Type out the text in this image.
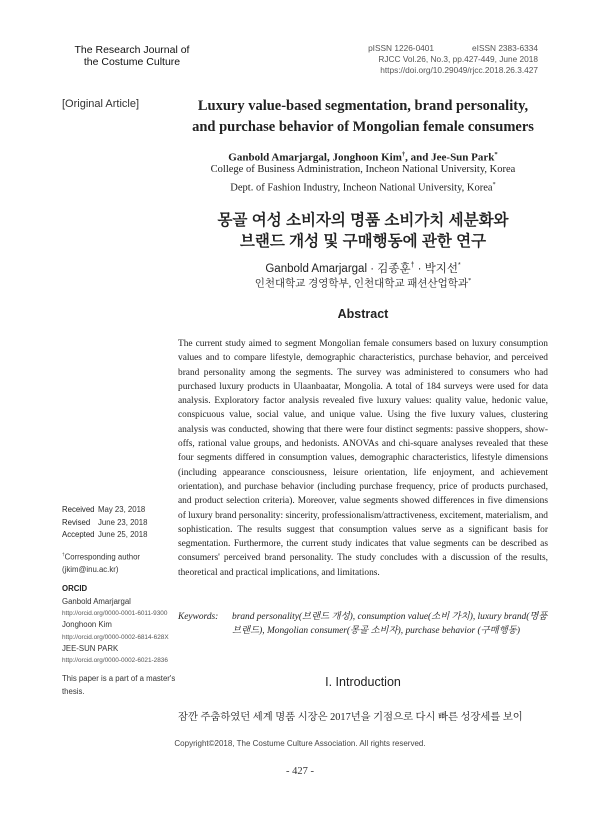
The Research Journal of
the Costume Culture
pISSN 1226-0401	eISSN 2383-6334
RJCC Vol.26, No.3, pp.427-449, June 2018
https://doi.org/10.29049/rjcc.2018.26.3.427
[Original Article]	Luxury value-based segmentation, brand personality,
and purchase behavior of Mongolian female consumers
Ganbold Amarjargal, Jonghoon Kim†, and Jee-Sun Park*
College of Business Administration, Incheon National University, Korea
Dept. of Fashion Industry, Incheon National University, Korea*
몽골 여성 소비자의 명품 소비가치 세분화와
브랜드 개성 및 구매행동에 관한 연구
Ganbold Amarjargal · 김종훈† · 박지선*
인천대학교 경영학부, 인천대학교 패션산업학과*
Abstract
The current study aimed to segment Mongolian female consumers based on luxury consumption values and to compare lifestyle, demographic characteristics, purchase behavior, and perceived brand personality among the segments. The survey was administered to consumers who had purchased luxury products in Ulaanbaatar, Mongolia. A total of 184 surveys were used for data analysis. Exploratory factor analysis revealed five luxury values: quality value, hedonic value, conspicuous value, social value, and unique value. Using the five luxury values, clustering analysis was conducted, showing that there were four distinct segments: passive shoppers, show-offs, rational value groups, and hedonists. ANOVAs and chi-square analyses revealed that these four segments differed in consumption values, demographic characteristics, lifestyle dimensions (including appearance consciousness, leisure orientation, life enjoyment, and achievement orientation), and purchase behavior (including purchase frequency, price of products purchased, and product selection criteria). Moreover, value segments showed differences in five dimensions of luxury brand personality: sincerity, professionalism/attractiveness, excitement, materialism, and sophistication. The results suggest that consumption values serve as a significant basis for segmentation. Furthermore, the current study indicates that value segments can be described as consumers' perceived brand personality. The study concludes with a discussion of the results, theoretical and practical implications, and limitations.
Keywords:	brand personality(브랜드 개성), consumption value(소비 가치), luxury brand(명품 브랜드), Mongolian consumer(몽골 소비자), purchase behavior (구매행동)
I. Introduction
잠깐 주춤하였던 세계 명품 시장은 2017년을 기점으로 다시 빠른 성장세를 보이
Received May 23, 2018
Revised	June 23, 2018
Accepted June 25, 2018
†Corresponding author
(jkim@inu.ac.kr)
ORCID
Ganbold Amarjargal
http://orcid.org/0000-0001-6011-9300
Jonghoon Kim
http://orcid.org/0000-0002-6814-628X
JEE-SUN PARK
http://orcid.org/0000-0002-6021-2836
This paper is a part of a master's thesis.
Copyright©2018, The Costume Culture Association. All rights reserved.
- 427 -
